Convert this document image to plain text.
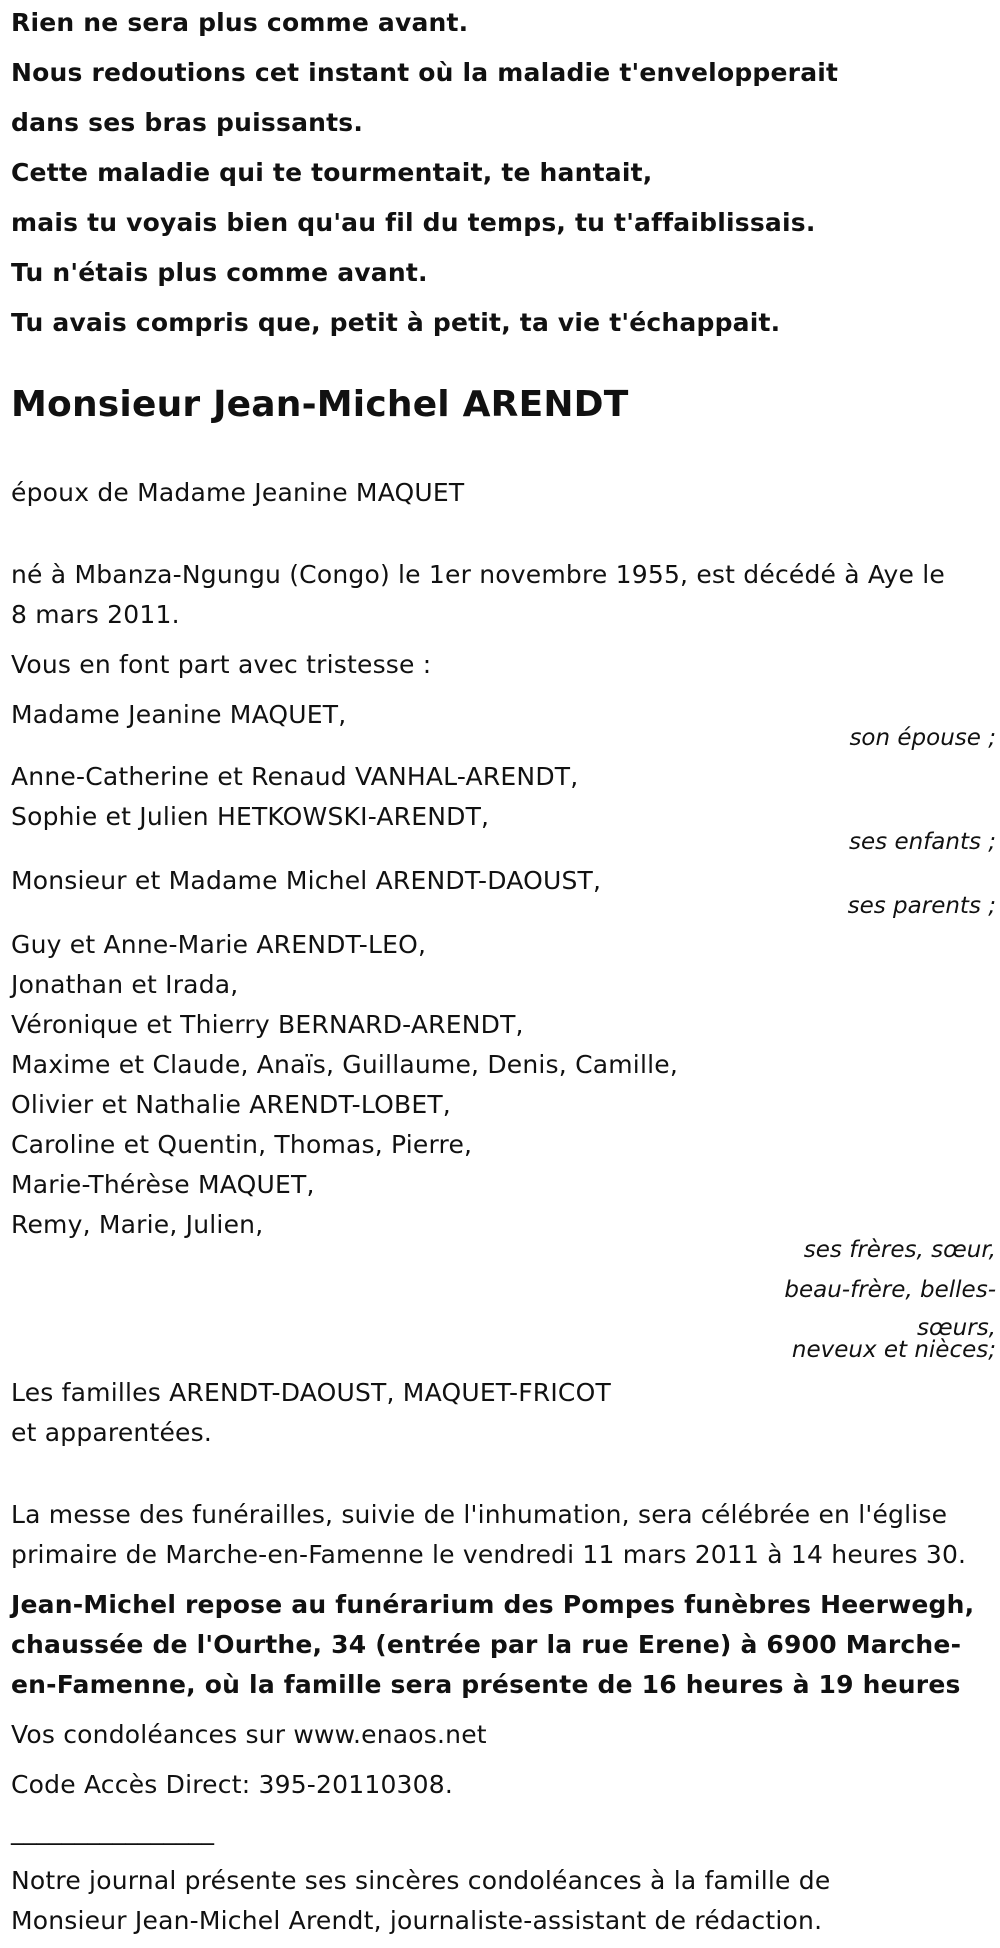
Rien ne sera plus comme avant.
Nous redoutions cet instant où la maladie t'envelopperait
dans ses bras puissants.
Cette maladie qui te tourmentait, te hantait,
mais tu voyais bien qu'au fil du temps, tu t'affaiblissais.
Tu n'étais plus comme avant.
Tu avais compris que, petit à petit, ta vie t'échappait.
Monsieur Jean-Michel ARENDT
époux de Madame Jeanine MAQUET
né à Mbanza-Ngungu (Congo) le 1er novembre 1955, est décédé à Aye le
8 mars 2011.
Vous en font part avec tristesse :
Madame Jeanine MAQUET,
son épouse ;
Anne-Catherine et Renaud VANHAL-ARENDT,
Sophie et Julien HETKOWSKI-ARENDT,
ses enfants ;
Monsieur et Madame Michel ARENDT-DAOUST,
ses parents ;
Guy et Anne-Marie ARENDT-LEO,
Jonathan et Irada,
Véronique et Thierry BERNARD-ARENDT,
Maxime et Claude, Anaïs, Guillaume, Denis, Camille,
Olivier et Nathalie ARENDT-LOBET,
Caroline et Quentin, Thomas, Pierre,
Marie-Thérèse MAQUET,
Remy, Marie, Julien,
ses frères, sœur,
beau-frère, belles-
sœurs,
neveux et nièces;
Les familles ARENDT-DAOUST, MAQUET-FRICOT
et apparentées.
La messe des funérailles, suivie de l'inhumation, sera célébrée en l'église
primaire de Marche-en-Famenne le vendredi 11 mars 2011 à 14 heures 30.
Jean-Michel repose au funérarium des Pompes funèbres Heerwegh,
chaussée de l'Ourthe, 34 (entrée par la rue Erene) à 6900 Marche-
en-Famenne, où la famille sera présente de 16 heures à 19 heures
Vos condoléances sur www.enaos.net
Code Accès Direct: 395-20110308.
________________
Notre journal présente ses sincères condoléances à la famille de
Monsieur Jean-Michel Arendt, journaliste-assistant de rédaction.
